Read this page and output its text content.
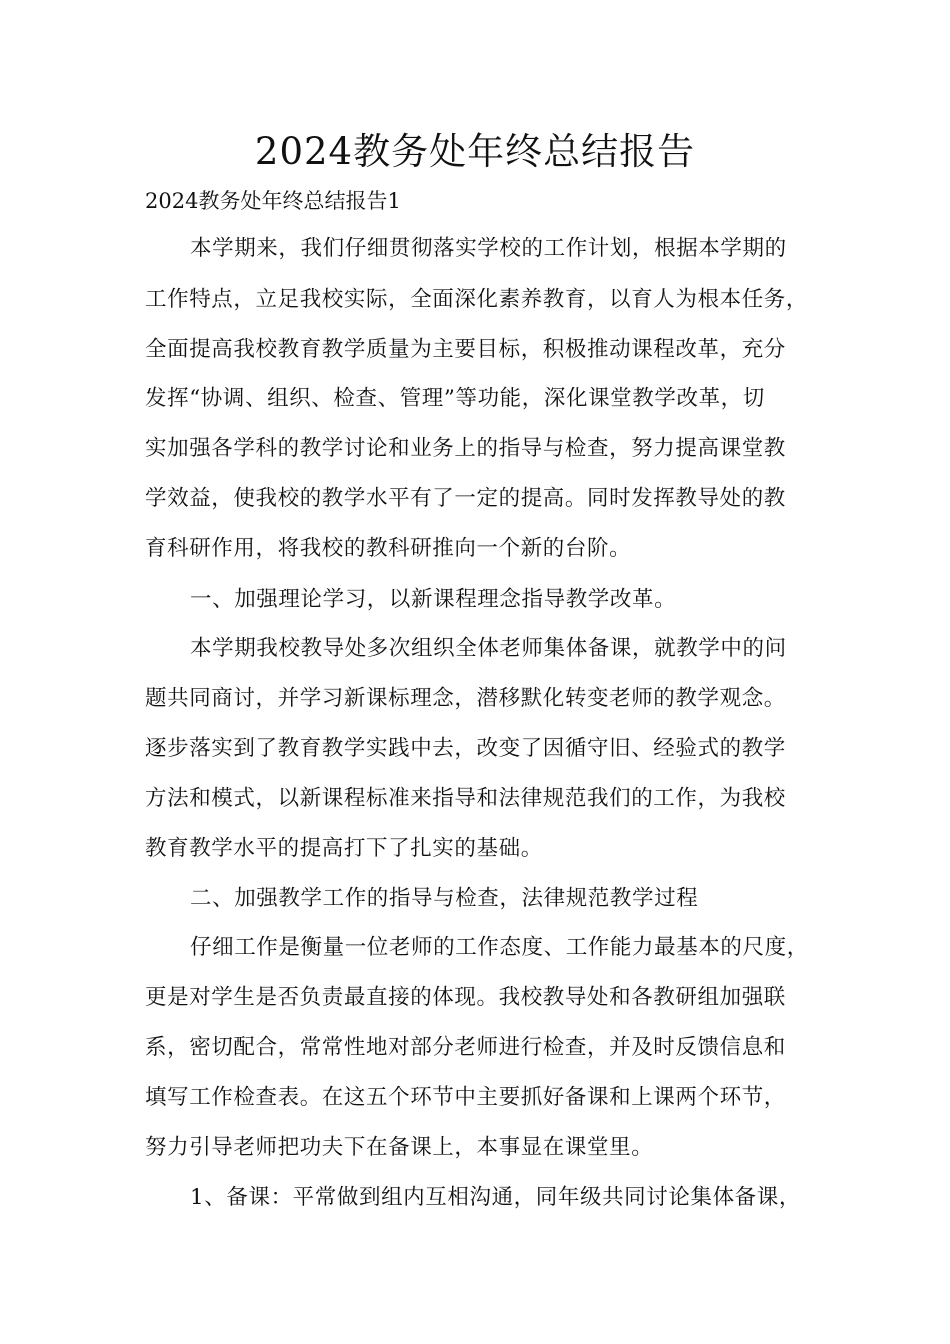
2024教务处年终总结报告

2024教务处年终总结报告1

本学期来，我们仔细贯彻落实学校的工作计划，根据本学期的

工作特点，立足我校实际，全面深化素养教育，以育人为根本任务，

全面提高我校教育教学质量为主要目标，积极推动课程改革，充分

发挥“协调、组织、检查、管理”等功能，深化课堂教学改革，切

实加强各学科的教学讨论和业务上的指导与检查，努力提高课堂教

学效益，使我校的教学水平有了一定的提高。同时发挥教导处的教

育科研作用，将我校的教科研推向一个新的台阶。

一、加强理论学习，以新课程理念指导教学改革。

本学期我校教导处多次组织全体老师集体备课，就教学中的问

题共同商讨，并学习新课标理念，潜移默化转变老师的教学观念。

逐步落实到了教育教学实践中去，改变了因循守旧、经验式的教学

方法和模式，以新课程标准来指导和法律规范我们的工作，为我校

教育教学水平的提高打下了扎实的基础。

二、加强教学工作的指导与检查，法律规范教学过程

仔细工作是衡量一位老师的工作态度、工作能力最基本的尺度，

更是对学生是否负责最直接的体现。我校教导处和各教研组加强联

系，密切配合，常常性地对部分老师进行检查，并及时反馈信息和

填写工作检查表。在这五个环节中主要抓好备课和上课两个环节，

努力引导老师把功夫下在备课上，本事显在课堂里。

1、备课：平常做到组内互相沟通，同年级共同讨论集体备课，
